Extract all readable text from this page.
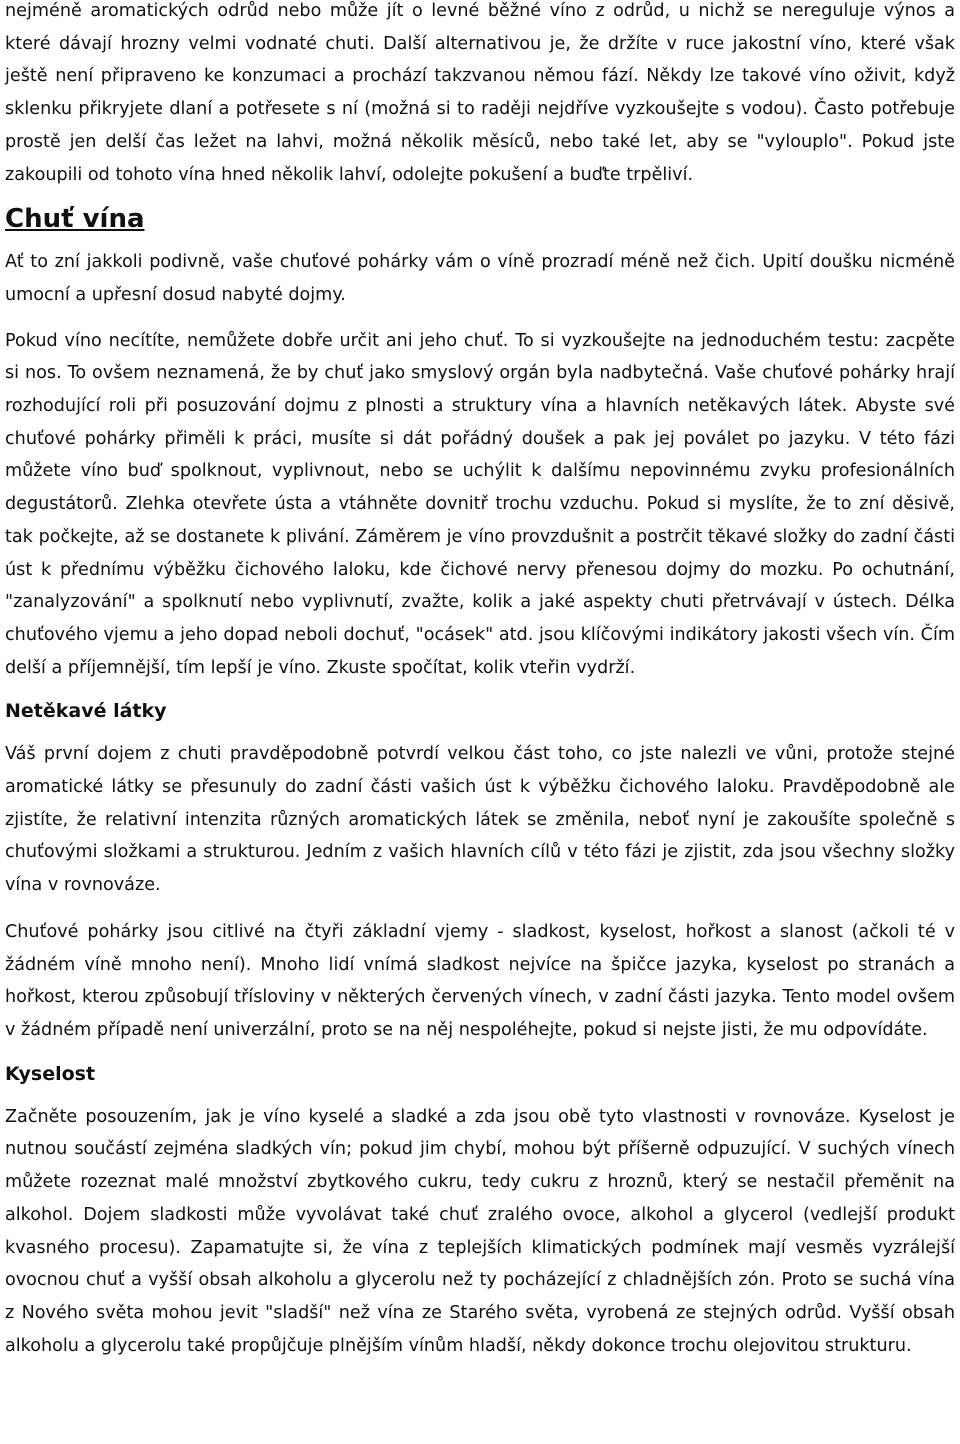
nejméně aromatických odrůd nebo může jít o levné běžné víno z odrůd, u nichž se nereguluje výnos a které dávají hrozny velmi vodnaté chuti. Další alternativou je, že držíte v ruce jakostní víno, které však ještě není připraveno ke konzumaci a prochází takzvanou němou fází. Někdy lze takové víno oživit, když sklenku přikryjete dlaní a potřesete s ní (možná si to raději nejdříve vyzkoušejte s vodou). Často potřebuje prostě jen delší čas ležet na lahvi, možná několik měsíců, nebo také let, aby se "vylouplo". Pokud jste zakoupili od tohoto vína hned několik lahví, odolejte pokušení a buďte trpěliví.

Chuť vína

Ať to zní jakkoli podivně, vaše chuťové pohárky vám o víně prozradí méně než čich. Upití doušku nicméně umocní a upřesní dosud nabyté dojmy.

Pokud víno necítíte, nemůžete dobře určit ani jeho chuť. To si vyzkoušejte na jednoduchém testu: zacpěte si nos. To ovšem neznamená, že by chuť jako smyslový orgán byla nadbytečná. Vaše chuťové pohárky hrají rozhodující roli při posuzování dojmu z plnosti a struktury vína a hlavních netěkavých látek. Abyste své chuťové pohárky přiměli k práci, musíte si dát pořádný doušek a pak jej poválet po jazyku. V této fázi můžete víno buď spolknout, vyplivnout, nebo se uchýlit k dalšímu nepovinnému zvyku profesionálních degustátorů. Zlehka otevřete ústa a vtáhněte dovnitř trochu vzduchu. Pokud si myslíte, že to zní děsivě, tak počkejte, až se dostanete k plivání. Záměrem je víno provzdušnit a postrčit těkavé složky do zadní části úst k přednímu výběžku čichového laloku, kde čichové nervy přenesou dojmy do mozku. Po ochutnání, "zanalyzování" a spolknutí nebo vyplivnutí, zvažte, kolik a jaké aspekty chuti přetrvávají v ústech. Délka chuťového vjemu a jeho dopad neboli dochuť, "ocásek" atd. jsou klíčovými indikátory jakosti všech vín. Čím delší a příjemnější, tím lepší je víno. Zkuste spočítat, kolik vteřin vydrží.

Netěkavé látky

Váš první dojem z chuti pravděpodobně potvrdí velkou část toho, co jste nalezli ve vůni, protože stejné aromatické látky se přesunuly do zadní části vašich úst k výběžku čichového laloku. Pravděpodobně ale zjistíte, že relativní intenzita různých aromatických látek se změnila, neboť nyní je zakoušíte společně s chuťovými složkami a strukturou. Jedním z vašich hlavních cílů v této fázi je zjistit, zda jsou všechny složky vína v rovnováze.

Chuťové pohárky jsou citlivé na čtyři základní vjemy - sladkost, kyselost, hořkost a slanost (ačkoli té v žádném víně mnoho není). Mnoho lidí vnímá sladkost nejvíce na špičce jazyka, kyselost po stranách a hořkost, kterou způsobují třísloviny v některých červených vínech, v zadní části jazyka. Tento model ovšem v žádném případě není univerzální, proto se na něj nespoléhejte, pokud si nejste jisti, že mu odpovídáte.

Kyselost

Začněte posouzením, jak je víno kyselé a sladké a zda jsou obě tyto vlastnosti v rovnováze. Kyselost je nutnou součástí zejména sladkých vín; pokud jim chybí, mohou být příšerně odpuzující. V suchých vínech můžete rozeznat malé množství zbytkového cukru, tedy cukru z hroznů, který se nestačil přeměnit na alkohol. Dojem sladkosti může vyvolávat také chuť zralého ovoce, alkohol a glycerol (vedlejší produkt kvasného procesu). Zapamatujte si, že vína z teplejších klimatických podmínek mají vesměs vyzrálejší ovocnou chuť a vyšší obsah alkoholu a glycerolu než ty pocházející z chladnějších zón. Proto se suchá vína z Nového světa mohou jevit "sladší" než vína ze Starého světa, vyrobená ze stejných odrůd. Vyšší obsah alkoholu a glycerolu také propůjčuje plnějším vínům hladší, někdy dokonce trochu olejovitou strukturu.
